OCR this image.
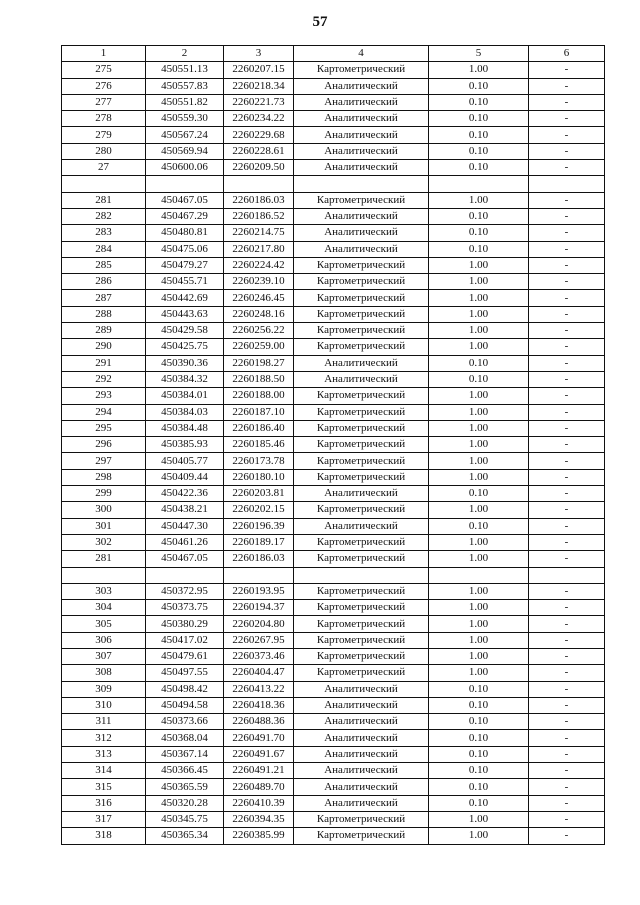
57
1	2	3	4	5	6
275	450551.13	2260207.15	Картометрический	1.00	-
276	450557.83	2260218.34	Аналитический	0.10	-
277	450551.82	2260221.73	Аналитический	0.10	-
278	450559.30	2260234.22	Аналитический	0.10	-
279	450567.24	2260229.68	Аналитический	0.10	-
280	450569.94	2260228.61	Аналитический	0.10	-
27	450600.06	2260209.50	Аналитический	0.10	-

281	450467.05	2260186.03	Картометрический	1.00	-
282	450467.29	2260186.52	Аналитический	0.10	-
283	450480.81	2260214.75	Аналитический	0.10	-
284	450475.06	2260217.80	Аналитический	0.10	-
285	450479.27	2260224.42	Картометрический	1.00	-
286	450455.71	2260239.10	Картометрический	1.00	-
287	450442.69	2260246.45	Картометрический	1.00	-
288	450443.63	2260248.16	Картометрический	1.00	-
289	450429.58	2260256.22	Картометрический	1.00	-
290	450425.75	2260259.00	Картометрический	1.00	-
291	450390.36	2260198.27	Аналитический	0.10	-
292	450384.32	2260188.50	Аналитический	0.10	-
293	450384.01	2260188.00	Картометрический	1.00	-
294	450384.03	2260187.10	Картометрический	1.00	-
295	450384.48	2260186.40	Картометрический	1.00	-
296	450385.93	2260185.46	Картометрический	1.00	-
297	450405.77	2260173.78	Картометрический	1.00	-
298	450409.44	2260180.10	Картометрический	1.00	-
299	450422.36	2260203.81	Аналитический	0.10	-
300	450438.21	2260202.15	Картометрический	1.00	-
301	450447.30	2260196.39	Аналитический	0.10	-
302	450461.26	2260189.17	Картометрический	1.00	-
281	450467.05	2260186.03	Картометрический	1.00	-

303	450372.95	2260193.95	Картометрический	1.00	-
304	450373.75	2260194.37	Картометрический	1.00	-
305	450380.29	2260204.80	Картометрический	1.00	-
306	450417.02	2260267.95	Картометрический	1.00	-
307	450479.61	2260373.46	Картометрический	1.00	-
308	450497.55	2260404.47	Картометрический	1.00	-
309	450498.42	2260413.22	Аналитический	0.10	-
310	450494.58	2260418.36	Аналитический	0.10	-
311	450373.66	2260488.36	Аналитический	0.10	-
312	450368.04	2260491.70	Аналитический	0.10	-
313	450367.14	2260491.67	Аналитический	0.10	-
314	450366.45	2260491.21	Аналитический	0.10	-
315	450365.59	2260489.70	Аналитический	0.10	-
316	450320.28	2260410.39	Аналитический	0.10	-
317	450345.75	2260394.35	Картометрический	1.00	-
318	450365.34	2260385.99	Картометрический	1.00	-
